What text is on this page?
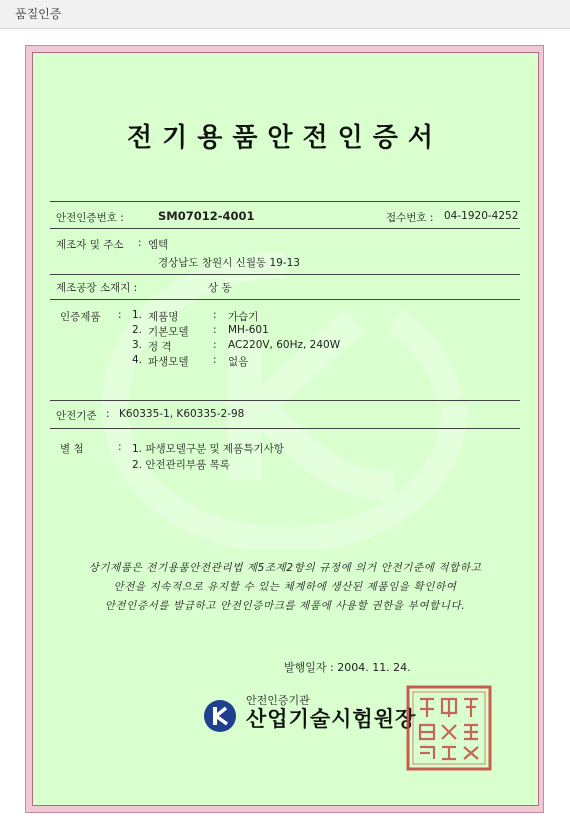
품질인증
전기용품안전인증서
안전인증번호 :	SM07012-4001	접수번호 : 04-1920-4252
제조자 및 주소 : 엠텍
경상남도 창원시 신월동 19-13
제조공장 소재지 :	상 동
인증제품 : 1. 제품명	: 가습기
2. 기본모델 : MH-601
3. 정 격	: AC220V, 60Hz, 240W
4. 파생모델 : 없음
안전기준 : K60335-1, K60335-2-98
별 첨	: 1. 파생모델구분 및 제품특기사항
2. 안전관리부품 목록
상기제품은 전기용품안전관리법 제5조제2항의 규정에 의거 안전기준에 적합하고
안전을 지속적으로 유지할 수 있는 체계하에 생산된 제품임을 확인하여
안전인증서를 발급하고 안전인증마크를 제품에 사용할 권한을 부여합니다.
발행일자 : 2004. 11. 24.
안전인증기관
산업기술시험원장
